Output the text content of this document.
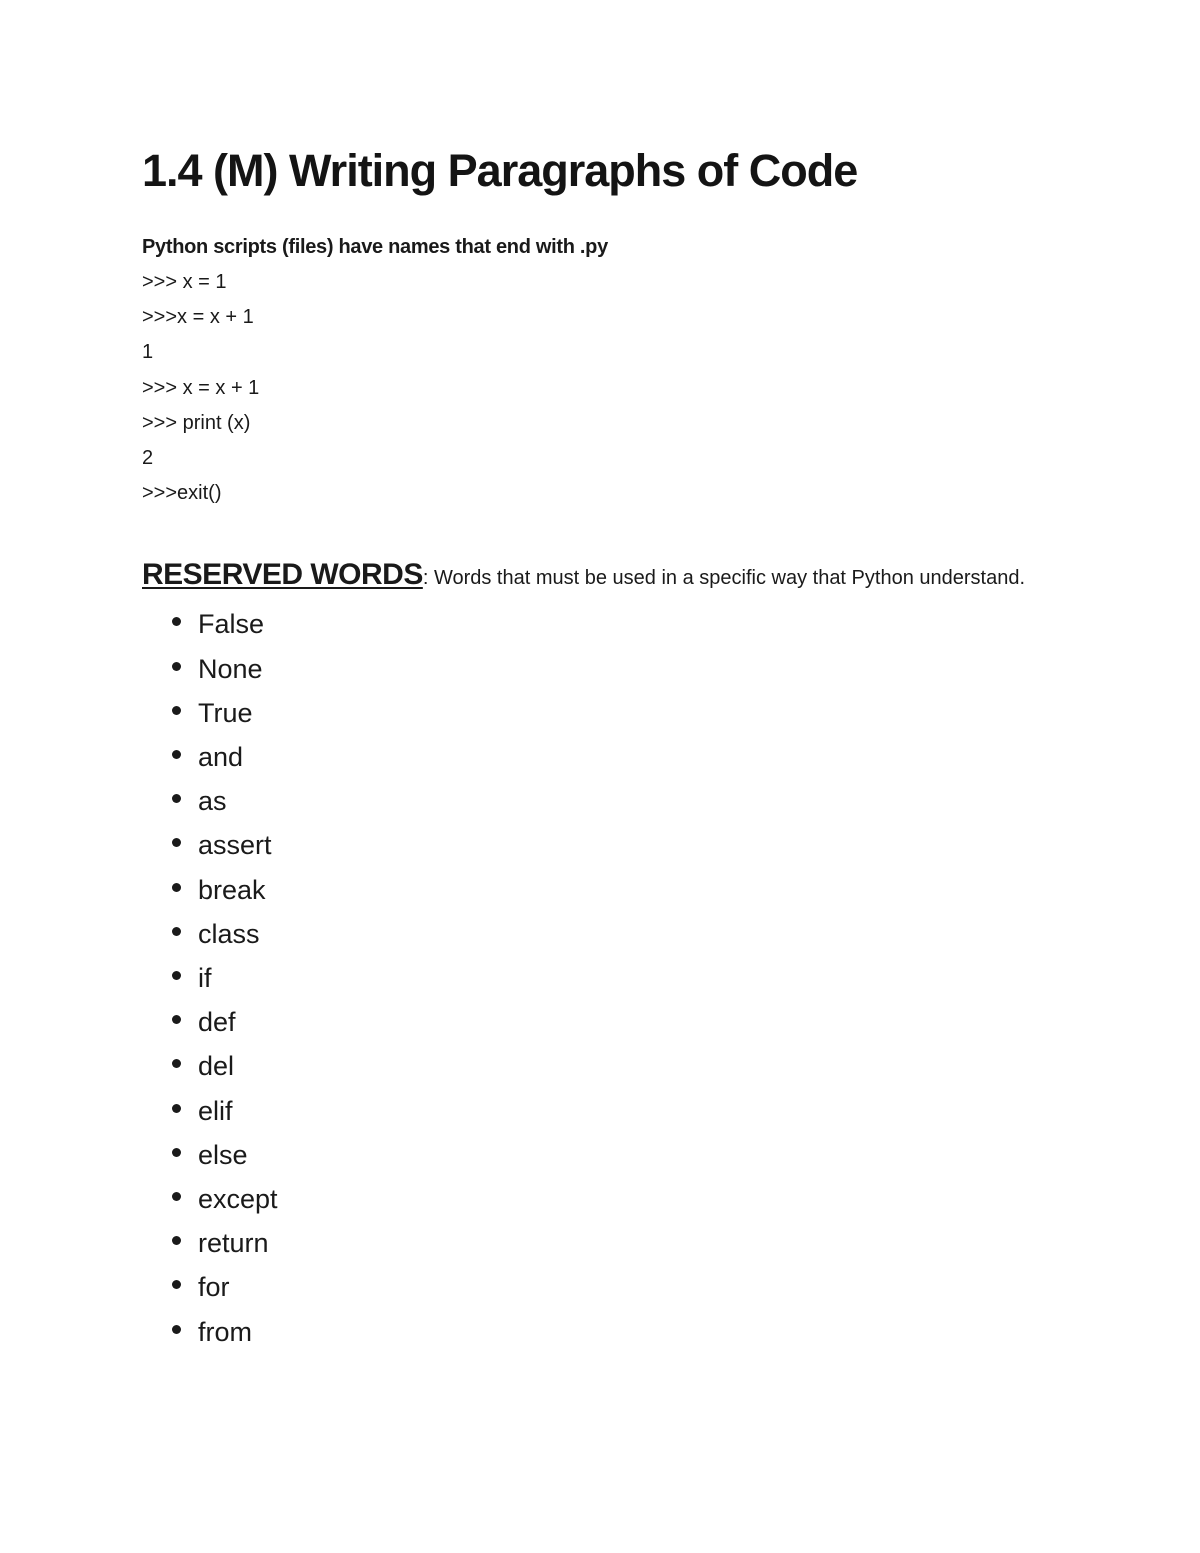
1.4 (M) Writing Paragraphs of Code
Python scripts (files) have names that end with .py
>>> x = 1
>>>x = x + 1
1
>>> x = x + 1
>>> print (x)
2
>>>exit()
RESERVED WORDS: Words that must be used in a specific way that Python understand.
False
None
True
and
as
assert
break
class
if
def
del
elif
else
except
return
for
from
